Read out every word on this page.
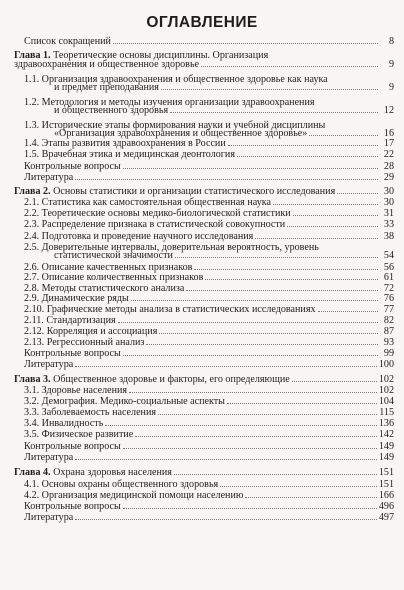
ОГЛАВЛЕНИЕ
Список сокращений	8
Глава 1. Теоретические основы дисциплины. Организация
здравоохранения и общественное здоровье	9
1.1. Организация здравоохранения и общественное здоровье как наука
и предмет преподавания	9
1.2. Методология и методы изучения организации здравоохранения
и общественного здоровья	12
1.3. Исторические этапы формирования науки и учебной дисциплины
«Организация здравоохранения и общественное здоровье»	16
1.4. Этапы развития здравоохранения в России	17
1.5. Врачебная этика и медицинская деонтология	22
Контрольные вопросы	28
Литература	29
Глава 2. Основы статистики и организации статистического исследования	30
2.1. Статистика как самостоятельная общественная наука	30
2.2. Теоретические основы медико-биологической статистики	31
2.3. Распределение признака в статистической совокупности	33
2.4. Подготовка и проведение научного исследования	38
2.5. Доверительные интервалы, доверительная вероятность, уровень
статистической значимости	54
2.6. Описание качественных признаков	56
2.7. Описание количественных признаков	61
2.8. Методы статистического анализа	72
2.9. Динамические ряды	76
2.10. Графические методы анализа в статистических исследованиях	77
2.11. Стандартизация	82
2.12. Корреляция и ассоциация	87
2.13. Регрессионный анализ	93
Контрольные вопросы	99
Литература	100
Глава 3. Общественное здоровье и факторы, его определяющие	102
3.1. Здоровье населения	102
3.2. Демография. Медико-социальные аспекты	104
3.3. Заболеваемость населения	115
3.4. Инвалидность	136
3.5. Физическое развитие	142
Контрольные вопросы	149
Литература	149
Глава 4. Охрана здоровья населения	151
4.1. Основы охраны общественного здоровья	151
4.2. Организация медицинской помощи населению	166
Контрольные вопросы	496
Литература	497
